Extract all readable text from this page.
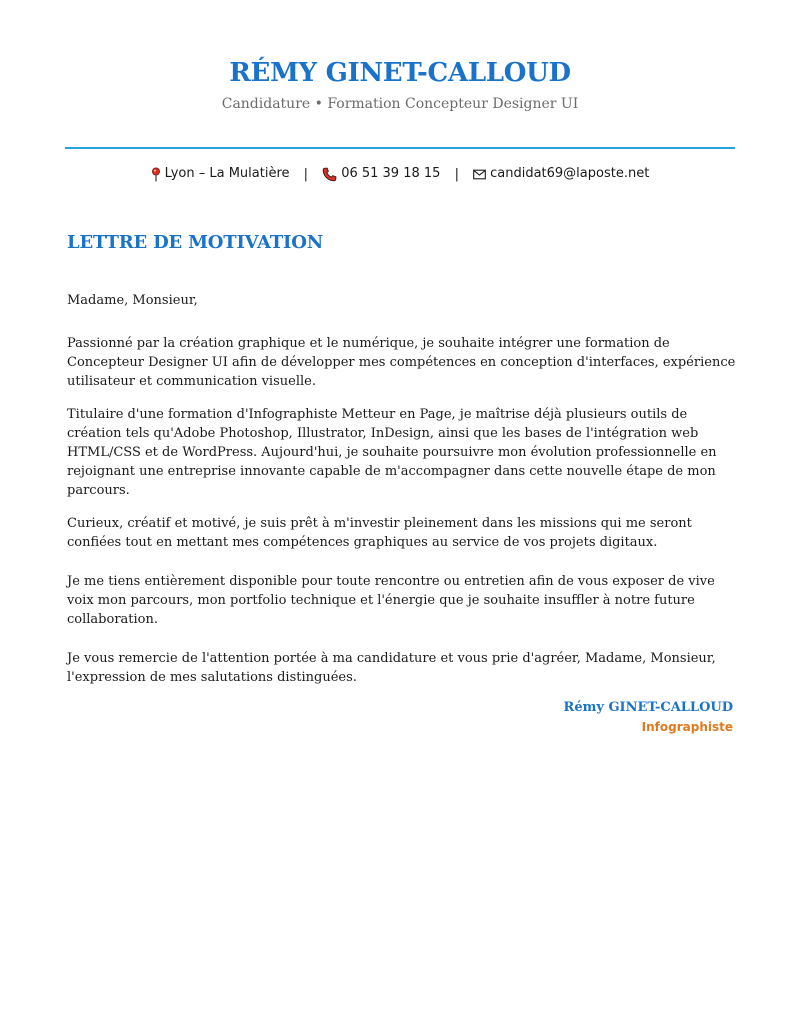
RÉMY GINET-CALLOUD
Candidature • Formation Concepteur Designer UI
Lyon – La Mulatière |	06 51 39 18 15 | candidat69@laposte.net
LETTRE DE MOTIVATION

Madame, Monsieur,

Passionné par la création graphique et le numérique, je souhaite intégrer une formation de Concepteur Designer UI afin de développer mes compétences en conception d'interfaces, expérience utilisateur et communication visuelle.

Titulaire d'une formation d'Infographiste Metteur en Page, je maîtrise déjà plusieurs outils de création tels qu'Adobe Photoshop, Illustrator, InDesign, ainsi que les bases de l'intégration web HTML/CSS et de WordPress. Aujourd'hui, je souhaite poursuivre mon évolution professionnelle en rejoignant une entreprise innovante capable de m'accompagner dans cette nouvelle étape de mon parcours.

Curieux, créatif et motivé, je suis prêt à m'investir pleinement dans les missions qui me seront confiées tout en mettant mes compétences graphiques au service de vos projets digitaux.

Je me tiens entièrement disponible pour toute rencontre ou entretien afin de vous exposer de vive voix mon parcours, mon portfolio technique et l'énergie que je souhaite insuffler à notre future collaboration.

Je vous remercie de l'attention portée à ma candidature et vous prie d'agréer, Madame, Monsieur, l'expression de mes salutations distinguées.

Rémy GINET-CALLOUD
Infographiste
